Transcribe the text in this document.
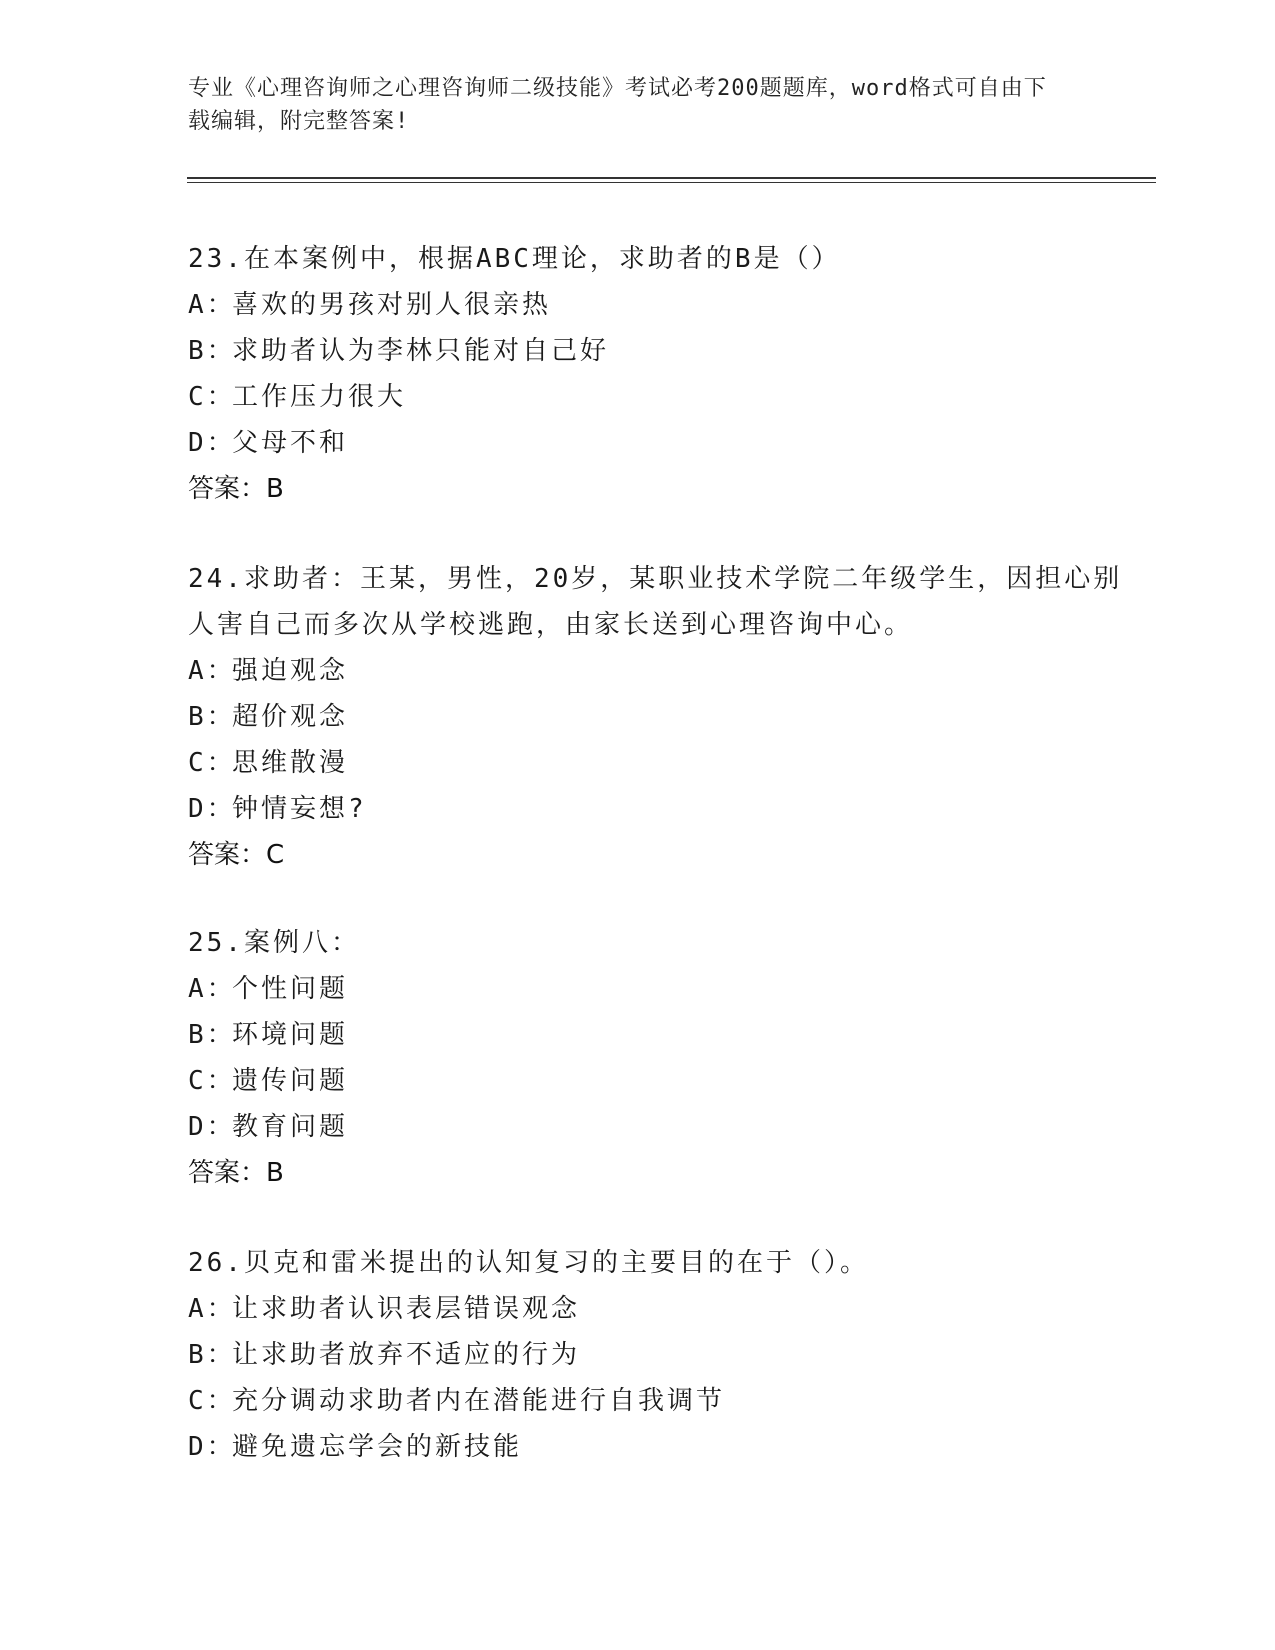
专业《心理咨询师之心理咨询师二级技能》考试必考200题题库，word格式可自由下载编辑，附完整答案!

23.在本案例中，根据ABC理论，求助者的B是（）

A：喜欢的男孩对别人很亲热

B：求助者认为李林只能对自己好

C：工作压力很大

D：父母不和

答案：B

24.求助者：王某，男性，20岁，某职业技术学院二年级学生，因担心别人害自己而多次从学校逃跑，由家长送到心理咨询中心。

A：强迫观念

B：超价观念

C：思维散漫

D：钟情妄想?

答案：C

25.案例八：

A：个性问题

B：环境问题

C：遗传问题

D：教育问题

答案：B

26.贝克和雷米提出的认知复习的主要目的在于（）。

A：让求助者认识表层错误观念

B：让求助者放弃不适应的行为

C：充分调动求助者内在潜能进行自我调节

D：避免遗忘学会的新技能
